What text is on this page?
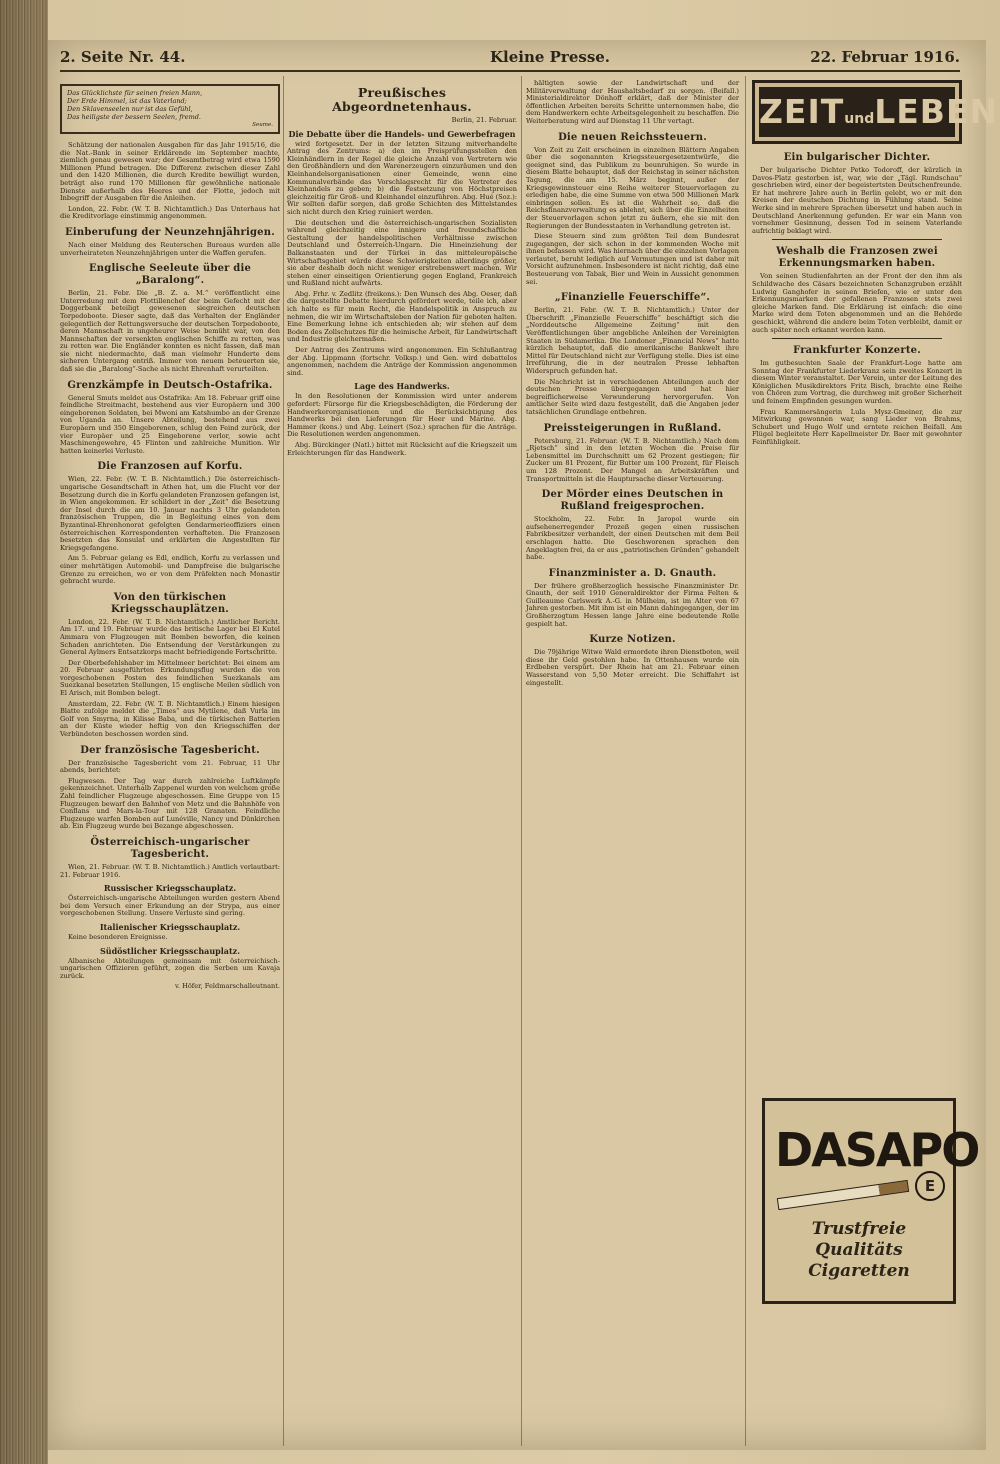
2. Seite Nr. 44.	Kleine Presse.	22. Februar 1916.
Das Glücklichste für seinen freien Mann,
Der Erde Himmel, ist das Vaterland;
Den Sklavenseelen nur ist das Gefühl,
Das heiligste der bessern Seelen, fremd.
Seume.

Schätzung der nationalen Ausgaben für das Jahr 1915/16, die die Nat.-Bank in seiner Erklärende im September machte, ziemlich genau gewesen war; der Gesamtbetrag wird etwa 1590 Millionen Pfund betragen. Die Differenz zwischen dieser Zahl und den 1420 Millionen, die durch Kredite bewilligt wurden, beträgt also rund 170 Millionen für gewöhnliche nationale Dienste außerhalb des Heeres und der Flotte, jedoch mit Inbegriff der Ausgaben für die Anleihen.

London, 22. Febr. (W. T. B. Nichtamtlich.) Das Unterhaus hat die Kreditvorlage einstimmig angenommen.

Einberufung der Neunzehnjährigen.

Nach einer Meldung des Reuterschen Bureaus wurden alle unverheirateten Neunzehnjährigen unter die Waffen gerufen.

Englische Seeleute über die „Baralong“.

Berlin, 21. Febr. Die „B. Z. a. M.“ veröffentlicht eine Unterredung mit dem Flottillenchef der beim Gefecht mit der Doggerbank beteiligt gewesenen siegreichen deutschen Torpedoboote. Dieser sagte, daß das Verhalten der Engländer gelegentlich der Rettungsversuche der deutschen Torpedoboote, deren Mannschaft in ungeheurer Weise bemüht war, von den Mannschaften der versenkten englischen Schiffe zu retten, was zu retten war. Die Engländer konnten es nicht fassen, daß man sie nicht niedermachte, daß man vielmehr Hunderte dem sicheren Untergang entriß. Immer von neuem beteuerten sie, daß sie die „Baralong“-Sache als nicht Ehrenhaft verurteilten.

Grenzkämpfe in Deutsch-Ostafrika.

General Smuts meldet aus Ostafrika: Am 18. Februar griff eine feindliche Streitmacht, bestehend aus vier Europäern und 300 eingeborenen Soldaten, bei Mwoni am Katshumbo an der Grenze von Uganda an. Unsere Abteilung, bestehend aus zwei Europäern und 350 Eingeborenen, schlug den Feind zurück, der vier Europäer und 25 Eingeborene verlor, sowie acht Maschinengewehre, 45 Flinten und zahlreiche Munition. Wir hatten keinerlei Verluste.

Die Franzosen auf Korfu.

Wien, 22. Febr. (W. T. B. Nichtamtlich.) Die österreichisch-ungarische Gesandtschaft in Athen hat, um die Flucht vor der Besetzung durch die in Korfu gelandeten Franzosen gefangen ist, in Wien angekommen. Er schildert in der „Zeit“ die Besetzung der Insel durch die am 10. Januar nachts 3 Uhr gelandeten französischen Truppen, die in Begleitung eines von dem Byzantinal-Ehrenhonorat gefolgten Gendarmerieoffiziers einen österreichischen Korrespondenten verhafteten. Die Franzosen besetzten das Konsulat und erklärten die Angestellten für Kriegsgefangene.

Am 5. Februar gelang es Edl, endlich, Korfu zu verlassen und einer mehrtätigen Automobil- und Dampfreise die bulgarische Grenze zu erreichen, wo er von dem Präfekten nach Monastir gebracht wurde.

Von den türkischen Kriegsschauplätzen.

London, 22. Febr. (W. T. B. Nichtamtlich.) Amtlicher Bericht. Am 17. und 19. Februar wurde das britische Lager bei El Kutel Ammara von Flugzeugen mit Bomben beworfen, die keinen Schaden anrichteten. Die Entsendung der Verstärkungen zu General Aylmers Entsatzkorps macht befriedigende Fortschritte.

Der Oberbefehlshaber im Mittelmeer berichtet: Bei einem am 20. Februar ausgeführten Erkundungsflug wurden die von vorgeschobenen Posten des feindlichen Suezkanals am Suezkanal besetzten Stellungen, 15 englische Meilen südlich von El Arisch, mit Bomben belegt.

Amsterdam, 22. Febr. (W. T. B. Nichtamtlich.) Einem hiesigen Blatte zufolge meldet die „Times“ aus Mytilene, daß Vurla im Golf von Smyrna, in Kilisse Baba, und die türkischen Batterien an der Küste wieder heftig von den Kriegsschiffen der Verbündeten beschossen worden sind.

Der französische Tagesbericht.

Der französische Tagesbericht vom 21. Februar, 11 Uhr abends, berichtet:

Flugwesen. Der Tag war durch zahlreiche Luftkämpfe gekennzeichnet. Unterhalb Zappenel wurden von welchem große Zahl feindlicher Flugzeuge abgeschossen. Eine Gruppe von 15 Flugzeugen bewarf den Bahnhof von Metz und die Bahnhöfe von Conflans und Mars-la-Tour mit 128 Granaten. Feindliche Flugzeuge warfen Bomben auf Lunéville, Nancy und Dünkirchen ab. Ein Flugzeug wurde bei Bezange abgeschossen.

Österreichisch-ungarischer Tagesbericht.

Wien, 21. Februar. (W. T. B. Nichtamtlich.) Amtlich verlautbart: 21. Februar 1916.

Russischer Kriegsschauplatz.

Österreichisch-ungarische Abteilungen wurden gestern Abend bei dem Versuch einer Erkundung an der Strypa, aus einer vorgeschobenen Stellung. Unsere Verluste sind gering.

Italienischer Kriegsschauplatz.

Keine besonderen Ereignisse.

Südöstlicher Kriegsschauplatz.

Albanische Abteilungen gemeinsam mit österreichisch-ungarischen Offizieren geführt, zogen die Serben um Kavaja zurück.

v. Höfer, Feldmarschalleutnant.

Preußisches Abgeordnetenhaus.

Berlin, 21. Februar.

Die Debatte über die Handels- und Gewerbefragen

wird fortgesetzt. Der in der letzten Sitzung mitverhandelte Antrag des Zentrums: a) den im Preisprüfungsstellen den Kleinhändlern in der Regel die gleiche Anzahl von Vertretern wie den Großhändlern und den Warenerzeugern einzuräumen und den Kleinhandelsorganisationen einer Gemeinde, wenn eine Kommunalverbände das Vorschlagsrecht für die Vertreter des Kleinhandels zu geben; b) die Festsetzung von Höchstpreisen gleichzeitig für Groß- und Kleinhandel einzuführen. Abg. Hué (Soz.): Wir sollten dafür sorgen, daß große Schichten des Mittelstandes sich nicht durch den Krieg ruiniert werden.

Die deutschen und die österreichisch-ungarischen Sozialisten während gleichzeitig eine innigere und freundschaftliche Gestaltung der handelspolitischen Verhältnisse zwischen Deutschland und Österreich-Ungarn. Die Hineinziehung der Balkanstaaten und der Türkei in das mitteleuropäische Wirtschaftsgebiet würde diese Schwierigkeiten allerdings größer, sie aber deshalb doch nicht weniger erstrebenswert machen. Wir stehen einer einseitigen Orientierung gegen England, Frankreich und Rußland nicht aufwärts.

Abg. Frhr. v. Zedlitz (freikons.): Den Wunsch des Abg. Oeser, daß die dargestellte Debatte hierdurch gefördert werde, teile ich, aber ich halte es für mein Recht, die Handelspolitik in Anspruch zu nehmen, die wir im Wirtschaftsleben der Nation für geboten halten. Eine Bemerkung lehne ich entschieden ab; wir stehen auf dem Boden des Zollschutzes für die heimische Arbeit, für Landwirtschaft und Industrie gleichermaßen.

Der Antrag des Zentrums wird angenommen. Ein Schlußantrag der Abg. Lippmann (fortschr. Volksp.) und Gen. wird debattelos angenommen, nachdem die Anträge der Kommission angenommen sind.

Lage des Handwerks.

In den Resolutionen der Kommission wird unter anderem gefordert: Fürsorge für die Kriegsbeschädigten, die Förderung der Handwerkerorganisationen und die Berücksichtigung des Handwerks bei den Lieferungen für Heer und Marine. Abg. Hammer (kons.) und Abg. Leinert (Soz.) sprachen für die Anträge. Die Resolutionen werden angenommen.

Abg. Bürckinger (Natl.) bittet mit Rücksicht auf die Kriegszeit um Erleichterungen für das Handwerk.

hältigten sowie der Landwirtschaft und der Militärverwaltung der Haushaltsbedarf zu sorgen. (Beifall.) Ministerialdirektor Dönhoff erklärt, daß der Minister der öffentlichen Arbeiten bereits Schritte unternommen habe, die dem Handwerkern echte Arbeitsgelegenheit zu beschaffen. Die Weiterberatung wird auf Dienstag 11 Uhr vertagt.

Die neuen Reichssteuern.

Von Zeit zu Zeit erscheinen in einzelnen Blättern Angaben über die sogenannten Kriegssteuergesetzentwürfe, die geeignet sind, das Publikum zu beunruhigen. So wurde in diesem Blatte behauptet, daß der Reichstag in seiner nächsten Tagung, die am 15. März beginnt, außer der Kriegsgewinnsteuer eine Reihe weiterer Steuervorlagen zu erledigen habe, die eine Summe von etwa 500 Millionen Mark einbringen sollen. Es ist die Wahrheit so, daß die Reichsfinanzverwaltung es ablehnt, sich über die Einzelheiten der Steuervorlagen schon jetzt zu äußern, ehe sie mit den Regierungen der Bundesstaaten in Verhandlung getreten ist.

Diese Steuern sind zum größten Teil dem Bundesrat zugegangen, der sich schon in der kommenden Woche mit ihnen befassen wird. Was hiernach über die einzelnen Vorlagen verlautet, beruht lediglich auf Vermutungen und ist daher mit Vorsicht aufzunehmen. Insbesondere ist nicht richtig, daß eine Besteuerung von Tabak, Bier und Wein in Aussicht genommen sei.

„Finanzielle Feuerschiffe“.

Berlin, 21. Febr. (W. T. B. Nichtamtlich.) Unter der Überschrift „Finanzielle Feuerschiffe“ beschäftigt sich die „Norddeutsche Allgemeine Zeitung“ mit den Veröffentlichungen über angebliche Anleihen der Vereinigten Staaten in Südamerika. Die Londoner „Financial News“ hatte kürzlich behauptet, daß die amerikanische Bankwelt ihre Mittel für Deutschland nicht zur Verfügung stelle. Dies ist eine Irreführung, die in der neutralen Presse lebhaften Widerspruch gefunden hat.

Die Nachricht ist in verschiedenen Abteilungen auch der deutschen Presse übergegangen und hat hier begreiflicherweise Verwunderung hervorgerufen. Von amtlicher Seite wird dazu festgestellt, daß die Angaben jeder tatsächlichen Grundlage entbehren.

Preissteigerungen in Rußland.

Petersburg, 21. Februar. (W. T. B. Nichtamtlich.) Nach dem „Rjetsch“ sind in den letzten Wochen die Preise für Lebensmittel im Durchschnitt um 62 Prozent gestiegen; für Zucker um 81 Prozent, für Butter um 100 Prozent, für Fleisch um 128 Prozent. Der Mangel an Arbeitskräften und Transportmitteln ist die Hauptursache dieser Verteuerung.

Der Mörder eines Deutschen in Rußland freigesprochen.

Stockholm, 22. Febr. In Jaropol wurde ein aufsehenerregender Prozeß gegen einen russischen Fabrikbesitzer verhandelt, der einen Deutschen mit dem Beil erschlagen hatte. Die Geschworenen sprachen den Angeklagten frei, da er aus „patriotischen Gründen“ gehandelt habe.

Finanzminister a. D. Gnauth.

Der frühere großherzoglich hessische Finanzminister Dr. Gnauth, der seit 1910 Generaldirektor der Firma Felten & Guilleaume Carlswerk A.-G. in Mülheim, ist im Alter von 67 Jahren gestorben. Mit ihm ist ein Mann dahingegangen, der im Großherzogtum Hessen lange Jahre eine bedeutende Rolle gespielt hat.

Kurze Notizen.

Die 79jährige Witwe Wald ermordete ihren Dienstboten, weil diese ihr Geld gestohlen habe. In Ottenhausen wurde ein Erdbeben verspürt. Der Rhein hat am 21. Februar einen Wasserstand von 5,50 Meter erreicht. Die Schiffahrt ist eingestellt.

ZEITundLEBEN
Ein bulgarischer Dichter.

Der bulgarische Dichter Petko Todoroff, der kürzlich in Davos-Platz gestorben ist, war, wie der „Tägl. Rundschau“ geschrieben wird, einer der begeistertsten Deutschenfreunde. Er hat mehrere Jahre auch in Berlin gelebt, wo er mit den Kreisen der deutschen Dichtung in Fühlung stand. Seine Werke sind in mehrere Sprachen übersetzt und haben auch in Deutschland Anerkennung gefunden. Er war ein Mann von vornehmer Gesinnung, dessen Tod in seinem Vaterlande aufrichtig beklagt wird.

Weshalb die Franzosen zwei Erkennungsmarken haben.

Von seinen Studienfahrten an der Front der den ihm als Schildwache des Cäsars bezeichneten Schanzgruben erzählt Ludwig Ganghofer in seinen Briefen, wie er unter den Erkennungsmarken der gefallenen Franzosen stets zwei gleiche Marken fand. Die Erklärung ist einfach: die eine Marke wird dem Toten abgenommen und an die Behörde geschickt, während die andere beim Toten verbleibt, damit er auch später noch erkannt werden kann.

Frankfurter Konzerte.

Im gutbesuchten Saale der Frankfurt-Loge hatte am Sonntag der Frankfurter Liederkranz sein zweites Konzert in diesem Winter veranstaltet. Der Verein, unter der Leitung des Königlichen Musikdirektors Fritz Bisch, brachte eine Reihe von Chören zum Vortrag, die durchweg mit großer Sicherheit und feinem Empfinden gesungen wurden.

Frau Kammersängerin Lula Mysz-Gmeiner, die zur Mitwirkung gewonnen war, sang Lieder von Brahms, Schubert und Hugo Wolf und erntete reichen Beifall. Am Flügel begleitete Herr Kapellmeister Dr. Baer mit gewohnter Feinfühligkeit.

DASAPO
E
Trustfreie
Qualitäts
Cigaretten
